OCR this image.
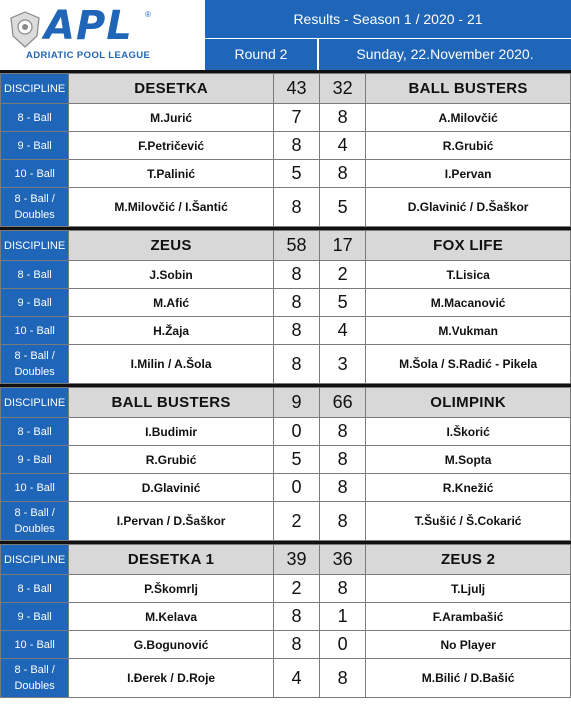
APL ®
ADRIATIC POOL LEAGUE
Results - Season 1 / 2020 - 21
Round 2	Sunday, 22.November 2020.
DISCIPLINE	DESETKA	43	32	BALL BUSTERS
8 - Ball	M.Jurić	7	8	A.Milovčić
9 - Ball	F.Petričević	8	4	R.Grubić
10 - Ball	T.Palinić	5	8	I.Pervan
8 - Ball / Doubles	M.Milovčić / I.Šantić	8	5	D.Glavinić / D.Šaškor
DISCIPLINE	ZEUS	58	17	FOX LIFE
8 - Ball	J.Sobin	8	2	T.Lisica
9 - Ball	M.Afić	8	5	M.Macanović
10 - Ball	H.Žaja	8	4	M.Vukman
8 - Ball / Doubles	I.Milin / A.Šola	8	3	M.Šola / S.Radić - Pikela
DISCIPLINE	BALL BUSTERS	9	66	OLIMPINK
8 - Ball	I.Budimir	0	8	I.Škorić
9 - Ball	R.Grubić	5	8	M.Sopta
10 - Ball	D.Glavinić	0	8	R.Knežić
8 - Ball / Doubles	I.Pervan / D.Šaškor	2	8	T.Šušić / Š.Cokarić
DISCIPLINE	DESETKA 1	39	36	ZEUS 2
8 - Ball	P.Škomrlj	2	8	T.Ljulj
9 - Ball	M.Kelava	8	1	F.Arambašić
10 - Ball	G.Bogunović	8	0	No Player
8 - Ball / Doubles	I.Đerek / D.Roje	4	8	M.Bilić / D.Bašić
